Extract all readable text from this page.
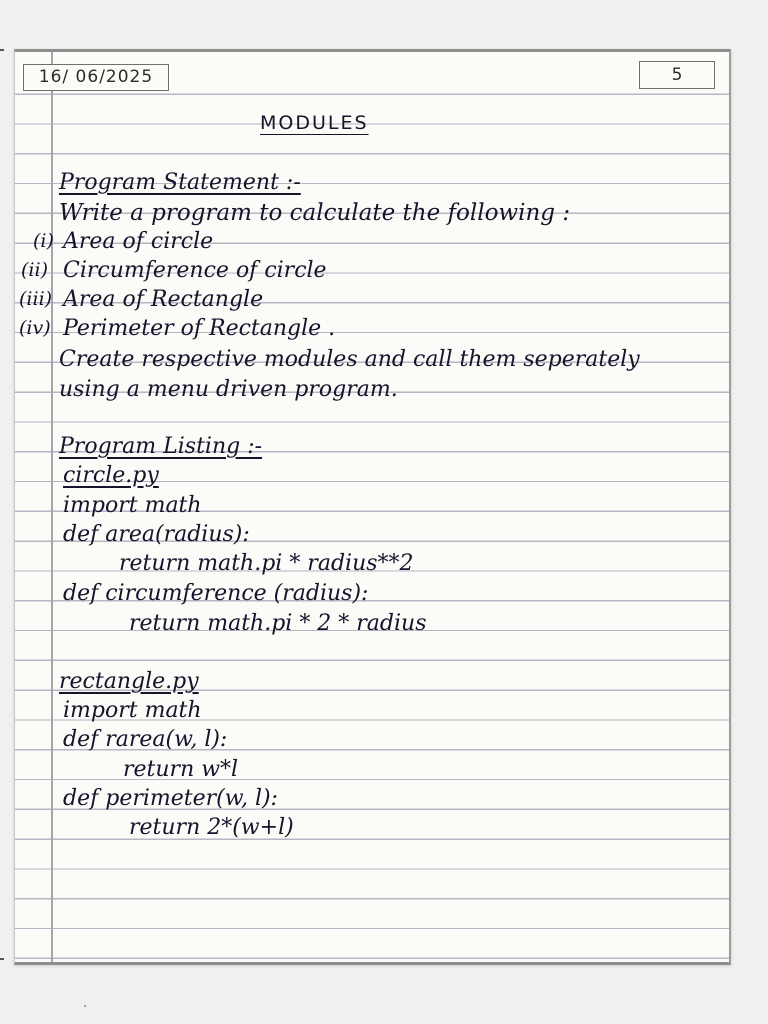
16/ 06/2025	5
MODULES
Program Statement :-
Write a program to calculate the following :
(i) Area of circle
(ii) Circumference of circle
(iii) Area of Rectangle
(iv) Perimeter of Rectangle .
Create respective modules and call them seperately
using a menu driven program.
Program Listing :-
circle.py
import math
def area(radius):
return math.pi * radius**2
def circumference (radius):
return math.pi * 2 * radius
rectangle.py
import math
def rarea(w, l):
return w*l
def perimeter(w, l):
return 2*(w+l)
